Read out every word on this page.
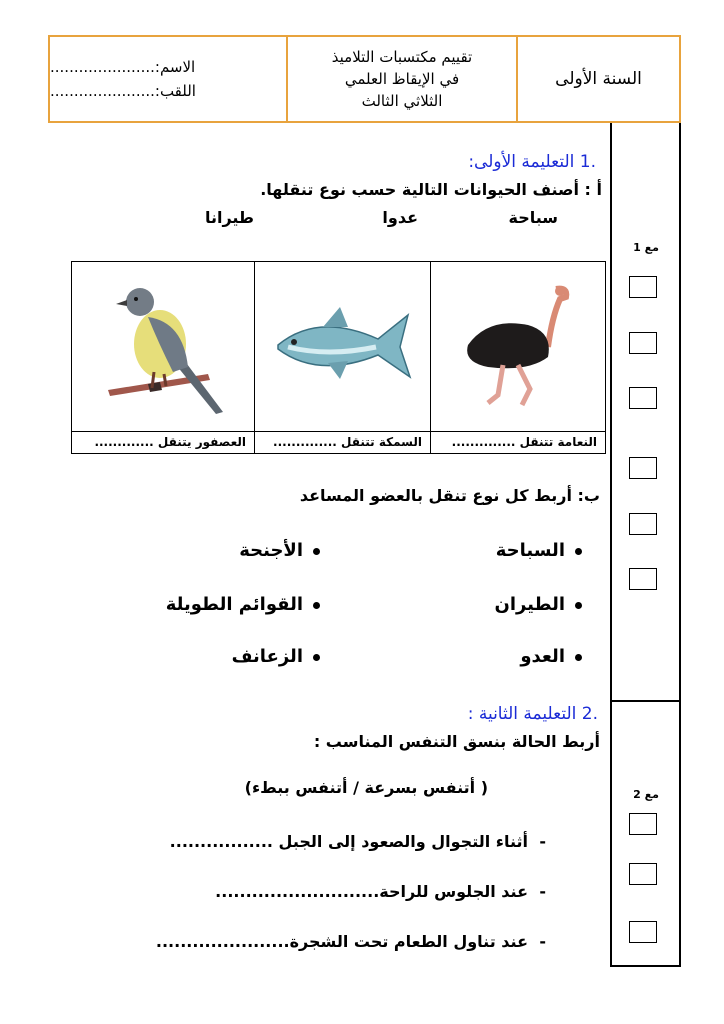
الاسم:......................
اللقب:......................
تقييم مكتسبات التلاميذ
في الإيقاظ العلمي
الثلاثي الثالث
السنة الأولى
مع 1
مع 2
.1 التعليمة الأولى:
أ : أصنف الحيوانات التالية حسب نوع تنقلها.
سباحة
عدوا
طيرانا
العصفور يتنقل .............	السمكة تتنقل ..............	النعامة تتنقل ..............
ب: أربط كل نوع تنقل بالعضو المساعد
السباحة
الطيران
العدو
الأجنحة
القوائم الطويلة
الزعانف
.2 التعليمة الثانية :
أربط الحالة بنسق التنفس المناسب :
( أتنفس بسرعة / أتنفس ببطء)
أثناء التجوال والصعود إلى الجبل ................. -
عند الجلوس للراحة........................... -
عند تناول الطعام تحت الشجرة...................... -
